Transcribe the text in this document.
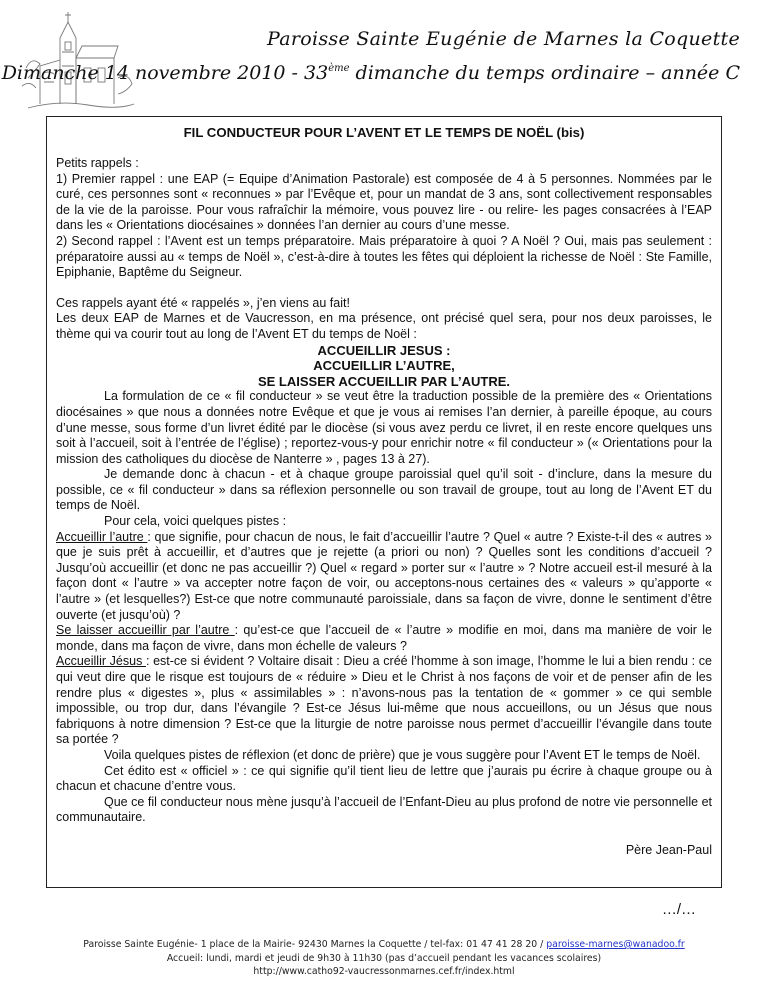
Paroisse Sainte Eugénie de Marnes la Coquette
Dimanche 14 novembre 2010 - 33ème dimanche du temps ordinaire – année C
FIL CONDUCTEUR POUR L’AVENT ET LE TEMPS DE NOËL (bis)

Petits rappels :

1) Premier rappel : une EAP (= Equipe d’Animation Pastorale) est composée de 4 à 5 personnes. Nommées par le curé, ces personnes sont « reconnues » par l’Evêque et, pour un mandat de 3 ans, sont collectivement responsables de la vie de la paroisse. Pour vous rafraîchir la mémoire, vous pouvez lire - ou relire- les pages consacrées à l’EAP dans les « Orientations diocésaines » données l’an dernier au cours d’une messe.

2) Second rappel : l’Avent est un temps préparatoire. Mais préparatoire à quoi ? A Noël ? Oui, mais pas seulement : préparatoire aussi au « temps de Noël », c’est-à-dire à toutes les fêtes qui déploient la richesse de Noël : Ste Famille, Epiphanie, Baptême du Seigneur.

Ces rappels ayant été « rappelés », j’en viens au fait!

Les deux EAP de Marnes et de Vaucresson, en ma présence, ont précisé quel sera, pour nos deux paroisses, le thème qui va courir tout au long de l’Avent ET du temps de Noël :

ACCUEILLIR JESUS :

ACCUEILLIR L’AUTRE,

SE LAISSER ACCUEILLIR PAR L’AUTRE.

La formulation de ce « fil conducteur » se veut être la traduction possible de la première des « Orientations diocésaines » que nous a données notre Evêque et que je vous ai remises l’an dernier, à pareille époque, au cours d’une messe, sous forme d’un livret édité par le diocèse (si vous avez perdu ce livret, il en reste encore quelques uns soit à l’accueil, soit à l’entrée de l’église) ; reportez-vous-y pour enrichir notre « fil conducteur » (« Orientations pour la mission des catholiques du diocèse de Nanterre » , pages 13 à 27).

Je demande donc à chacun - et à chaque groupe paroissial quel qu’il soit - d’inclure, dans la mesure du possible, ce « fil conducteur » dans sa réflexion personnelle ou son travail de groupe, tout au long de l’Avent ET du temps de Noël.

Pour cela, voici quelques pistes :

Accueillir l’autre : que signifie, pour chacun de nous, le fait d’accueillir l’autre ? Quel « autre ? Existe-t-il des « autres » que je suis prêt à accueillir, et d’autres que je rejette (a priori ou non) ? Quelles sont les conditions d’accueil ? Jusqu’où accueillir (et donc ne pas accueillir ?) Quel « regard » porter sur « l’autre » ? Notre accueil est-il mesuré à la façon dont « l’autre » va accepter notre façon de voir, ou acceptons-nous certaines des « valeurs » qu’apporte « l’autre » (et lesquelles?) Est-ce que notre communauté paroissiale, dans sa façon de vivre, donne le sentiment d’être ouverte (et jusqu’où) ?

Se laisser accueillir par l’autre : qu’est-ce que l’accueil de « l’autre » modifie en moi, dans ma manière de voir le monde, dans ma façon de vivre, dans mon échelle de valeurs ?

Accueillir Jésus : est-ce si évident ? Voltaire disait : Dieu a créé l’homme à son image, l’homme le lui a bien rendu : ce qui veut dire que le risque est toujours de « réduire » Dieu et le Christ à nos façons de voir et de penser afin de les rendre plus « digestes », plus « assimilables » : n’avons-nous pas la tentation de « gommer » ce qui semble impossible, ou trop dur, dans l’évangile ? Est-ce Jésus lui-même que nous accueillons, ou un Jésus que nous fabriquons à notre dimension ? Est-ce que la liturgie de notre paroisse nous permet d’accueillir l’évangile dans toute sa portée ?

Voila quelques pistes de réflexion (et donc de prière) que je vous suggère pour l’Avent ET le temps de Noël.

Cet édito est « officiel » : ce qui signifie qu’il tient lieu de lettre que j’aurais pu écrire à chaque groupe ou à chacun et chacune d’entre vous.

Que ce fil conducteur nous mène jusqu’à l’accueil de l’Enfant-Dieu au plus profond de notre vie personnelle et communautaire.

Père Jean-Paul
…/…
Paroisse Sainte Eugénie- 1 place de la Mairie- 92430 Marnes la Coquette / tel-fax: 01 47 41 28 20 / paroisse-marnes@wanadoo.fr
Accueil: lundi, mardi et jeudi de 9h30 à 11h30 (pas d’accueil pendant les vacances scolaires)
http://www.catho92-vaucressonmarnes.cef.fr/index.html
